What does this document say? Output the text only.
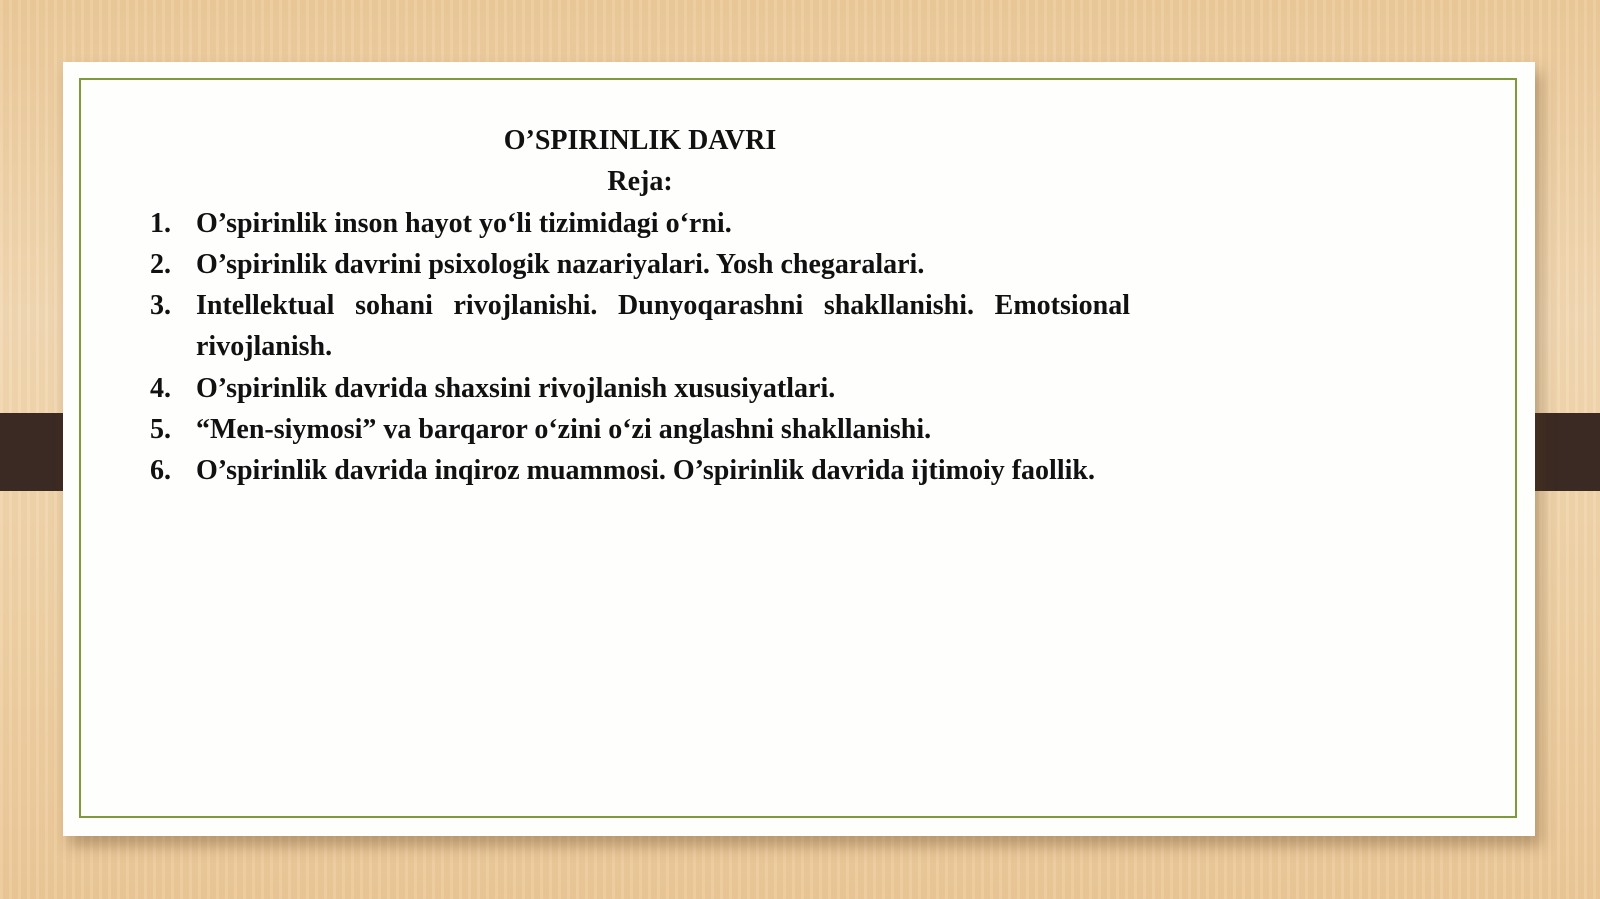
O’SPIRINLIK DAVRI

Reja:

1. O’spirinlik inson hayot yo‘li tizimidagi o‘rni.
2. O’spirinlik davrini psixologik nazariyalari. Yosh chegaralari.
3. Intellektual sohani rivojlanishi. Dunyoqarashni shakllanishi. Emotsional rivojlanish.
4. O’spirinlik davrida shaxsini rivojlanish xususiyatlari.
5. “Men-siymosi” va barqaror o‘zini o‘zi anglashni shakllanishi.
6. O’spirinlik davrida inqiroz muammosi. O’spirinlik davrida ijtimoiy faollik.
